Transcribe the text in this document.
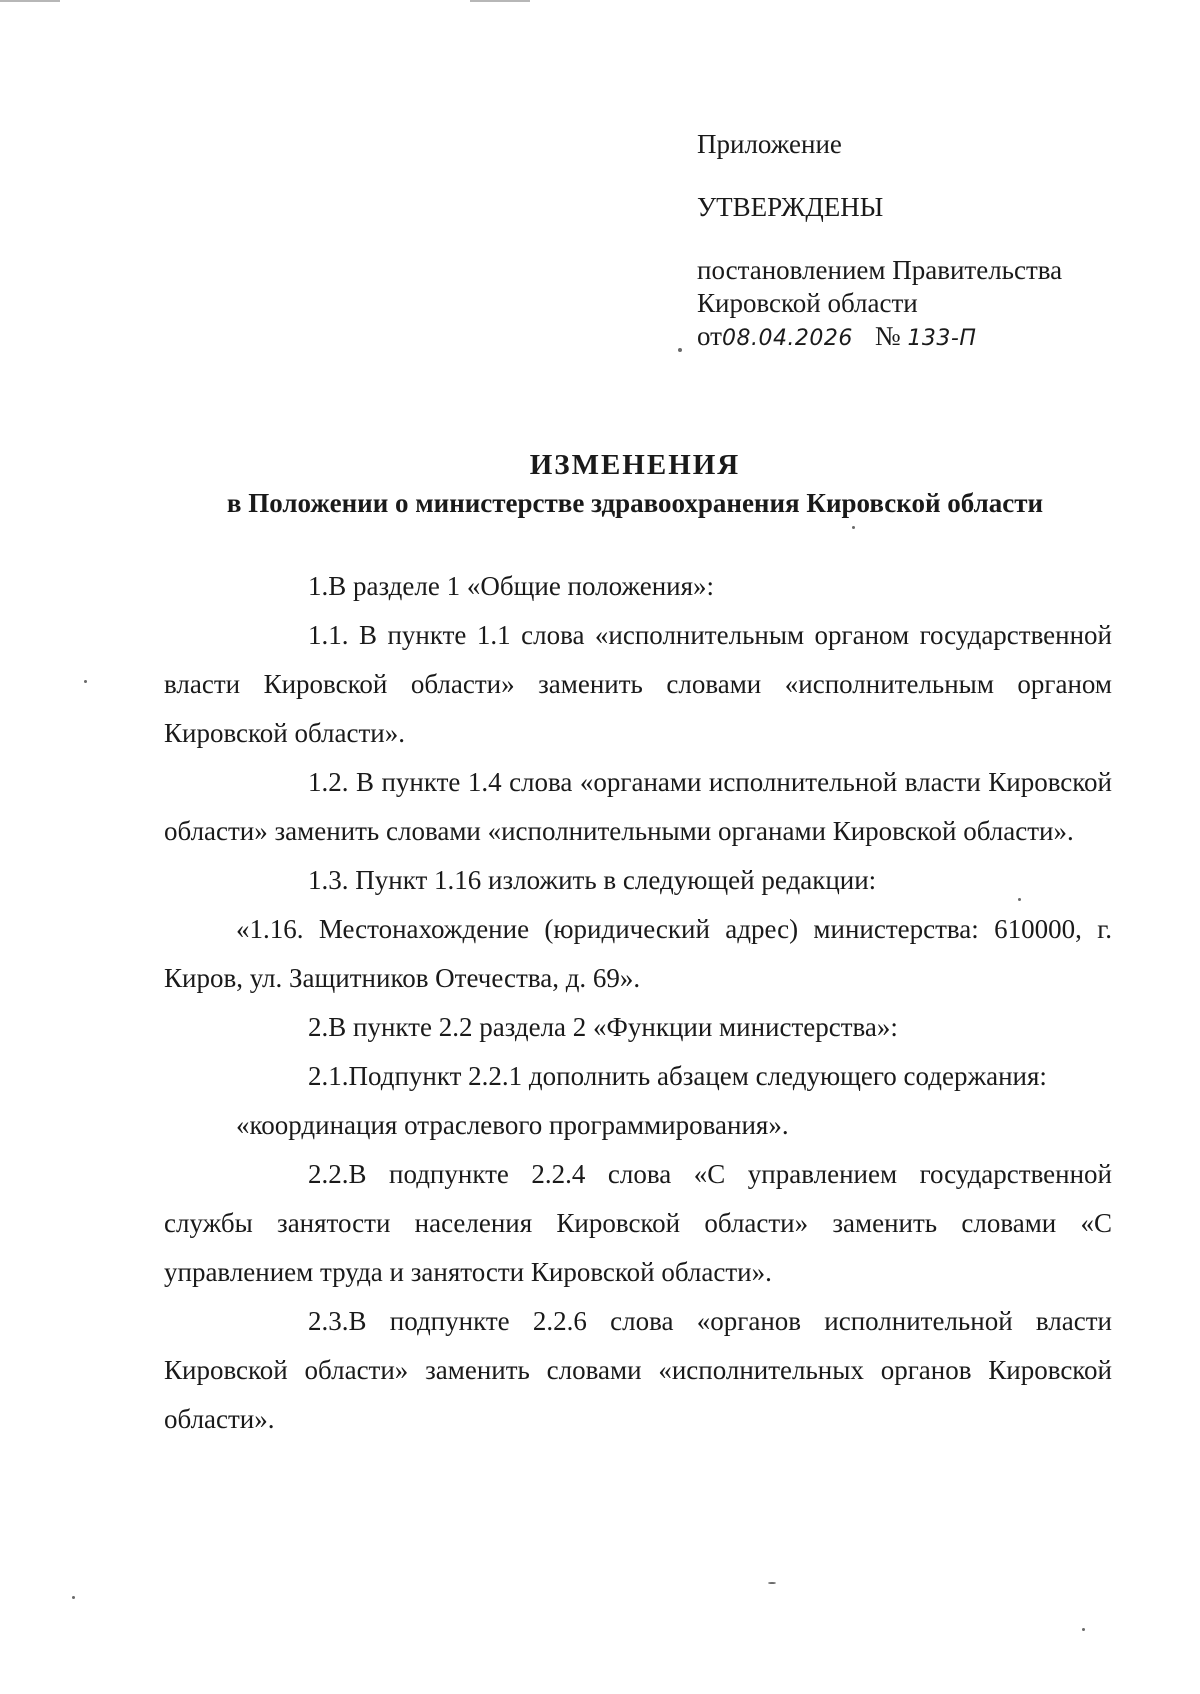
Приложение
УТВЕРЖДЕНЫ
постановлением Правительства
Кировской области
от08.04.2026 № 133-П
ИЗМЕНЕНИЯ
в Положении о министерстве здравоохранения Кировской области

1.В разделе 1 «Общие положения»:

1.1. В пункте 1.1 слова «исполнительным органом государственной власти Кировской области» заменить словами «исполнительным органом Кировской области».

1.2. В пункте 1.4 слова «органами исполнительной власти Кировской области» заменить словами «исполнительными органами Кировской области».

1.3. Пункт 1.16 изложить в следующей редакции:

«1.16. Местонахождение (юридический адрес) министерства: 610000, г. Киров, ул. Защитников Отечества, д. 69».

2.В пункте 2.2 раздела 2 «Функции министерства»:

2.1.Подпункт 2.2.1 дополнить абзацем следующего содержания:

«координация отраслевого программирования».

2.2.В подпункте 2.2.4 слова «С управлением государственной службы занятости населения Кировской области» заменить словами «С управлением труда и занятости Кировской области».

2.3.В подпункте 2.2.6 слова «органов исполнительной власти Кировской области» заменить словами «исполнительных органов Кировской области».
